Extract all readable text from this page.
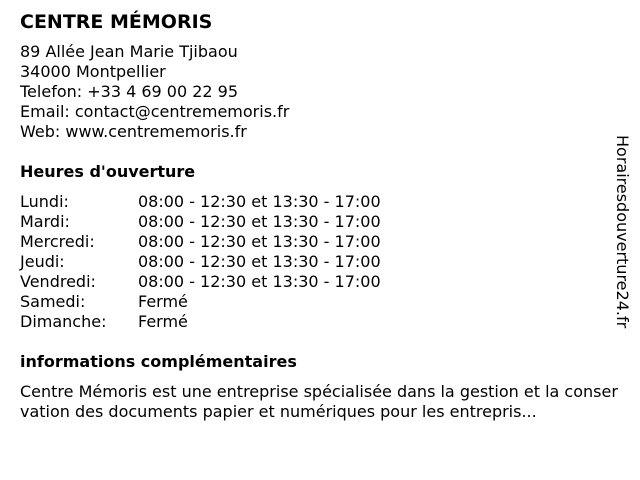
CENTRE MÉMORIS
89 Allée Jean Marie Tjibaou
34000 Montpellier
Telefon: +33 4 69 00 22 95
Email: contact@centrememoris.fr
Web: www.centrememoris.fr
Heures d'ouverture
Lundi:	08:00 - 12:30 et 13:30 - 17:00
Mardi:	08:00 - 12:30 et 13:30 - 17:00
Mercredi:	08:00 - 12:30 et 13:30 - 17:00
Jeudi:	08:00 - 12:30 et 13:30 - 17:00
Vendredi:	08:00 - 12:30 et 13:30 - 17:00
Samedi:	Fermé
Dimanche:	Fermé
informations complémentaires
Centre Mémoris est une entreprise spécialisée dans la gestion et la conservation des documents papier et numériques pour les entrepris...
Horairesdouverture24.fr
